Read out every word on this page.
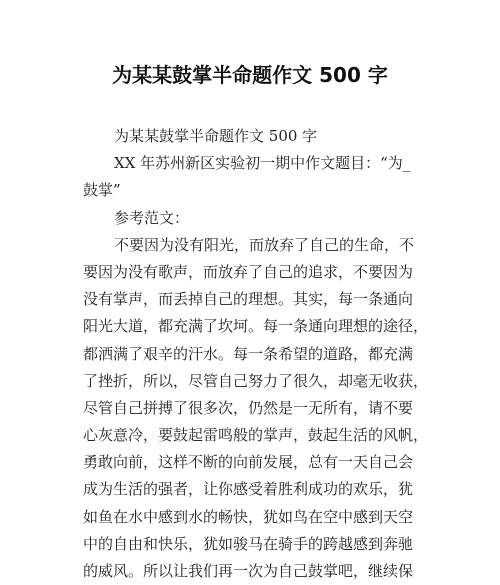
为某某鼓掌半命题作文 500 字
为某某鼓掌半命题作文 500 字
XX 年苏州新区实验初一期中作文题目：“为_
鼓掌”
参考范文：
不要因为没有阳光，而放弃了自己的生命，不
要因为没有歌声，而放弃了自己的追求，不要因为
没有掌声，而丢掉自己的理想。其实，每一条通向
阳光大道，都充满了坎坷。每一条通向理想的途径，
都洒满了艰辛的汗水。每一条希望的道路，都充满
了挫折，所以，尽管自己努力了很久，却毫无收获，
尽管自己拼搏了很多次，仍然是一无所有，请不要
心灰意冷，要鼓起雷鸣般的掌声，鼓起生活的风帆，
勇敢向前，这样不断的向前发展，总有一天自己会
成为生活的强者，让你感受着胜利成功的欢乐，犹
如鱼在水中感到水的畅快，犹如鸟在空中感到天空
中的自由和快乐，犹如骏马在骑手的跨越感到奔驰
的威风。所以让我们再一次为自己鼓掌吧，继续保
